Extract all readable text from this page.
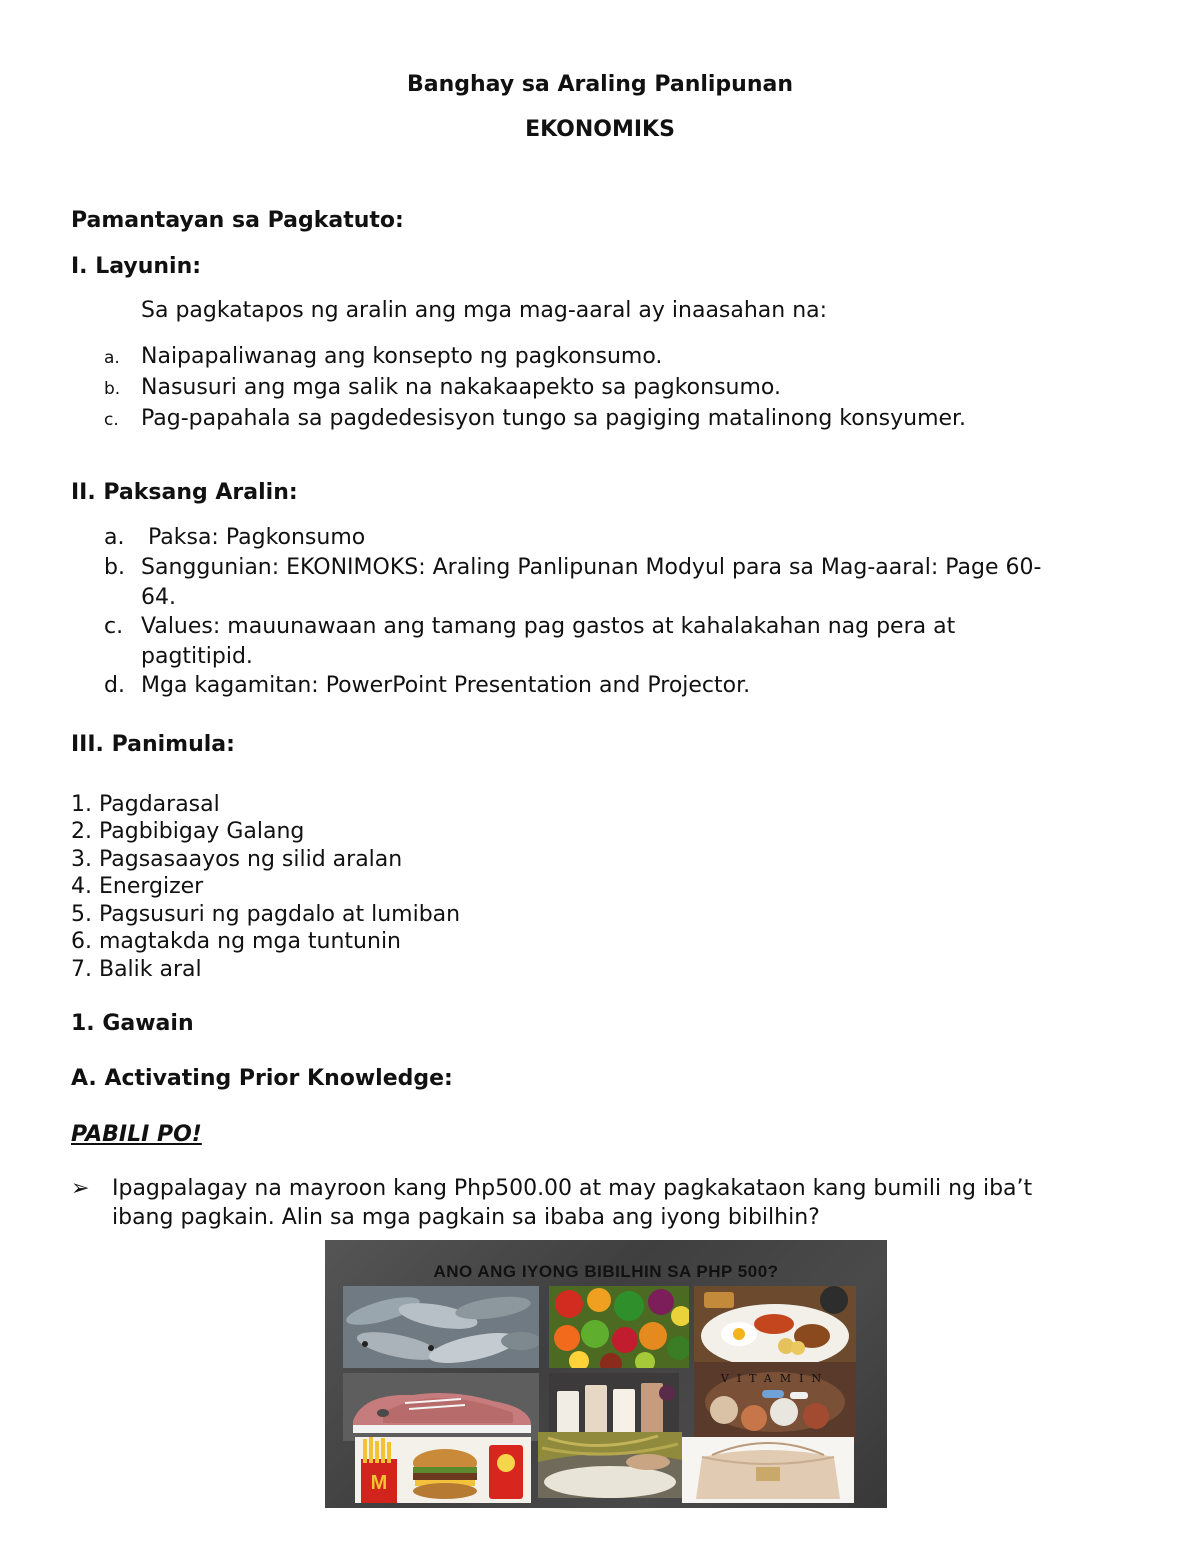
Banghay sa Araling Panlipunan
EKONOMIKS
Pamantayan sa Pagkatuto:
I. Layunin:
Sa pagkatapos ng aralin ang mga mag-aaral ay inaasahan na:
a. Naipapaliwanag ang konsepto ng pagkonsumo.
b. Nasusuri ang mga salik na nakakaapekto sa pagkonsumo.
c. Pag-papahala sa pagdedesisyon tungo sa pagiging matalinong konsyumer.
II. Paksang Aralin:
a. Paksa: Pagkonsumo
b. Sanggunian: EKONIMOKS: Araling Panlipunan Modyul para sa Mag-aaral: Page 60-
64.
c. Values: mauunawaan ang tamang pag gastos at kahalakahan nag pera at
pagtitipid.
d. Mga kagamitan: PowerPoint Presentation and Projector.
III. Panimula:
1. Pagdarasal
2. Pagbibigay Galang
3. Pagsasaayos ng silid aralan
4. Energizer
5. Pagsusuri ng pagdalo at lumiban
6. magtakda ng mga tuntunin
7. Balik aral
1. Gawain
A. Activating Prior Knowledge:
PABILI PO!
➢ Ipagpalagay na mayroon kang Php500.00 at may pagkakataon kang bumili ng iba’t
ibang pagkain. Alin sa mga pagkain sa ibaba ang iyong bibilhin?
ANO ANG IYONG BIBILHIN SA PHP 500?
VITAMIN
M
